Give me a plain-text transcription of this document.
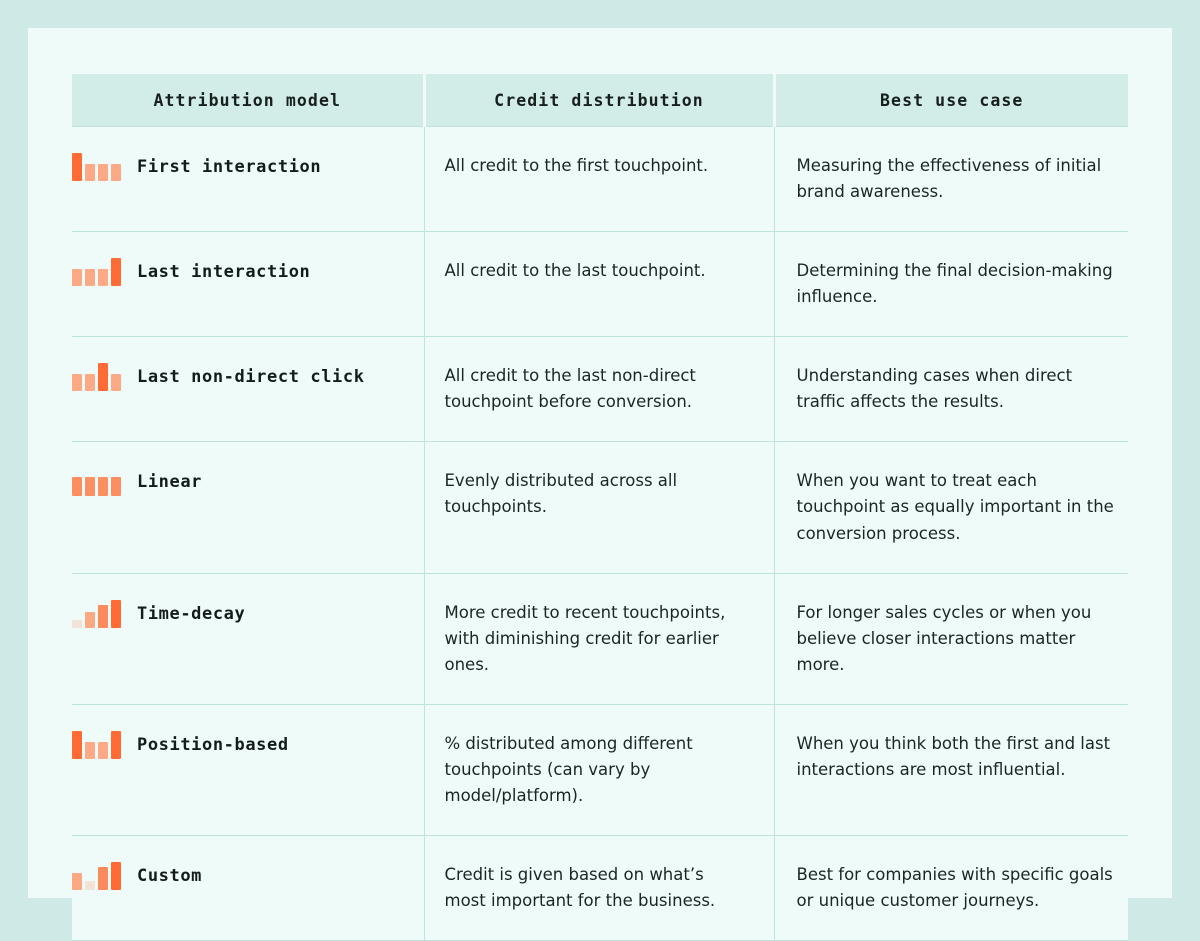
Attribution model	Credit distribution	Best use case

First interaction	All credit to the first touchpoint.	Measuring the effectiveness of initial brand awareness.

Last interaction	All credit to the last touchpoint.	Determining the final decision-making influence.

Last non-direct click	All credit to the last non-direct touchpoint before conversion.	Understanding cases when direct traffic affects the results.

Linear	Evenly distributed across all touchpoints.	When you want to treat each touchpoint as equally important in the conversion process.

Time-decay	More credit to recent touchpoints, with diminishing credit for earlier ones.	For longer sales cycles or when you believe closer interactions matter more.

Position-based	% distributed among different touchpoints (can vary by model/platform).	When you think both the first and last interactions are most influential.

Custom	Credit is given based on what’s most important for the business.	Best for companies with specific goals or unique customer journeys.
